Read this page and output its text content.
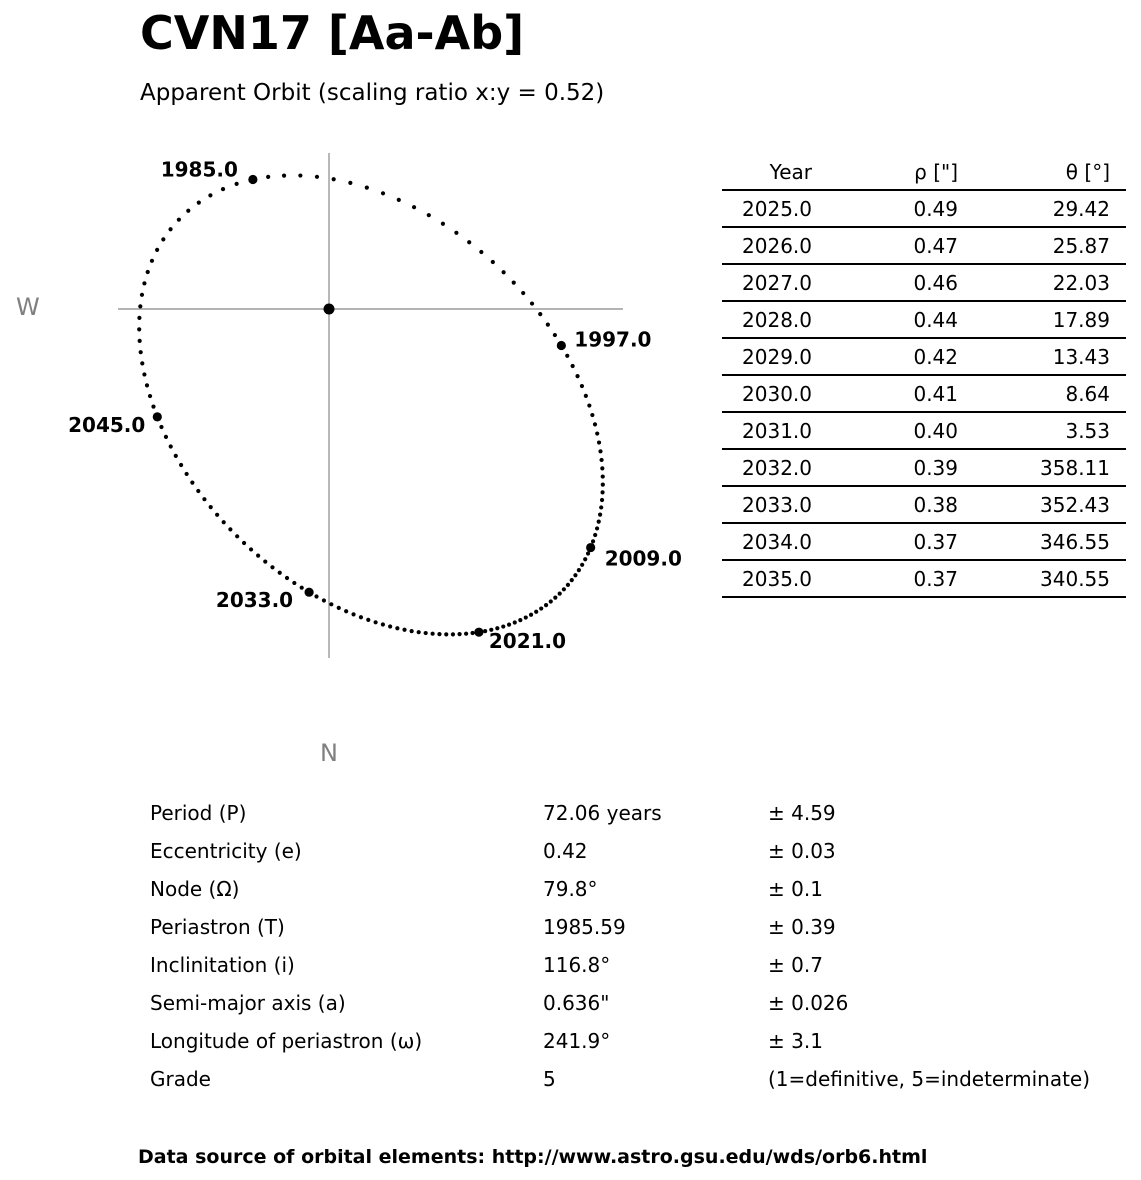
CVN17 [Aa-Ab]
Apparent Orbit (scaling ratio x:y = 0.52)
W
N
1985.0
1997.0
2009.0
2021.0
2033.0
2045.0
Year	ρ ["]	θ [°]
2025.0	0.49	29.42
2026.0	0.47	25.87
2027.0	0.46	22.03
2028.0	0.44	17.89
2029.0	0.42	13.43
2030.0	0.41	8.64
2031.0	0.40	3.53
2032.0	0.39	358.11
2033.0	0.38	352.43
2034.0	0.37	346.55
2035.0	0.37	340.55
Period (P)	72.06 years	± 4.59
Eccentricity (e)	0.42	± 0.03
Node (Ω)	79.8°	± 0.1
Periastron (T)	1985.59	± 0.39
Inclinitation (i)	116.8°	± 0.7
Semi-major axis (a)	0.636"	± 0.026
Longitude of periastron (ω)	241.9°	± 3.1
Grade	5	(1=definitive, 5=indeterminate)
Data source of orbital elements: http://www.astro.gsu.edu/wds/orb6.html
